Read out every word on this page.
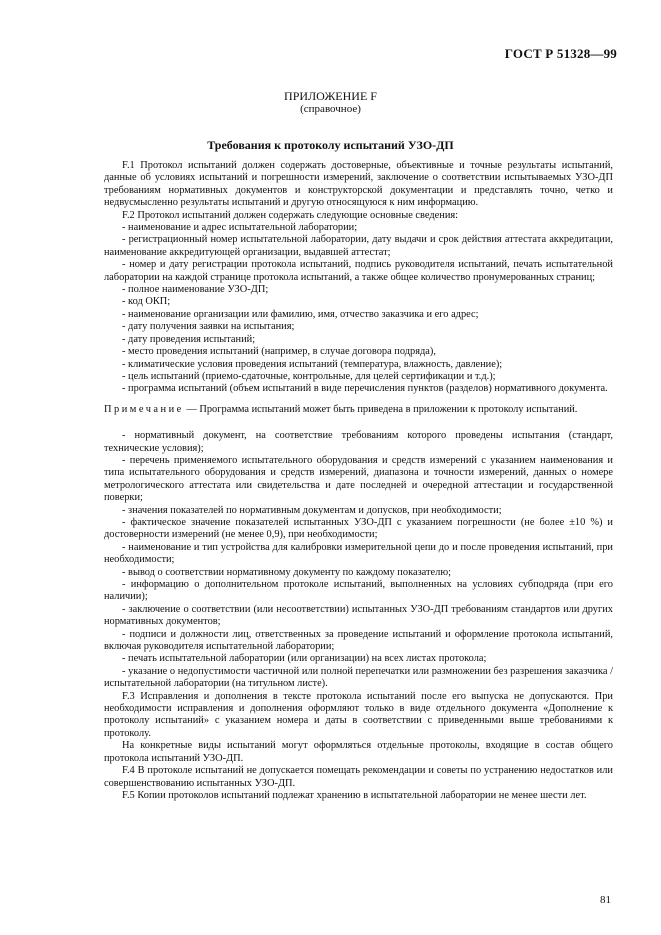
ГОСТ Р 51328—99
ПРИЛОЖЕНИЕ F
(справочное)
Требования к протоколу испытаний УЗО-ДП

F.1 Протокол испытаний должен содержать достоверные, объективные и точные результаты испытаний, данные об условиях испытаний и погрешности измерений, заключение о соответствии испытываемых УЗО-ДП требованиям нормативных документов и конструкторской документации и представлять точно, четко и недвусмысленно результаты испытаний и другую относящуюся к ним информацию.

F.2 Протокол испытаний должен содержать следующие основные сведения:

- наименование и адрес испытательной лаборатории;

- регистрационный номер испытательной лаборатории, дату выдачи и срок действия аттестата аккредитации, наименование аккредитующей организации, выдавшей аттестат;

- номер и дату регистрации протокола испытаний, подпись руководителя испытаний, печать испытательной лаборатории на каждой странице протокола испытаний, а также общее количество пронумерованных страниц;

- полное наименование УЗО-ДП;

- код ОКП;

- наименование организации или фамилию, имя, отчество заказчика и его адрес;

- дату получения заявки на испытания;

- дату проведения испытаний;

- место проведения испытаний (например, в случае договора подряда),

- климатические условия проведения испытаний (температура, влажность, давление);

- цель испытаний (приемо-сдаточные, контрольные, для целей сертификации и т.д.);

- программа испытаний (объем испытаний в виде перечисления пунктов (разделов) нормативного документа.

Примечание — Программа испытаний может быть приведена в приложении к протоколу испытаний.

- нормативный документ, на соответствие требованиям которого проведены испытания (стандарт, технические условия);

- перечень применяемого испытательного оборудования и средств измерений с указанием наименования и типа испытательного оборудования и средств измерений, диапазона и точности измерений, данных о номере метрологического аттестата или свидетельства и дате последней и очередной аттестации и государственной поверки;

- значения показателей по нормативным документам и допусков, при необходимости;

- фактическое значение показателей испытанных УЗО-ДП с указанием погрешности (не более ±10 %) и достоверности измерений (не менее 0,9), при необходимости;

- наименование и тип устройства для калибровки измерительной цепи до и после проведения испытаний, при необходимости;

- вывод о соответствии нормативному документу по каждому показателю;

- информацию о дополнительном протоколе испытаний, выполненных на условиях субподряда (при его наличии);

- заключение о соответствии (или несоответствии) испытанных УЗО-ДП требованиям стандартов или других нормативных документов;

- подписи и должности лиц, ответственных за проведение испытаний и оформление протокола испытаний, включая руководителя испытательной лаборатории;

- печать испытательной лаборатории (или организации) на всех листах протокола;

- указание о недопустимости частичной или полной перепечатки или размножении без разрешения заказчика / испытательной лаборатории (на титульном листе).

F.3 Исправления и дополнения в тексте протокола испытаний после его выпуска не допускаются. При необходимости исправления и дополнения оформляют только в виде отдельного документа «Дополнение к протоколу испытаний» с указанием номера и даты в соответствии с приведенными выше требованиями к протоколу.

На конкретные виды испытаний могут оформляться отдельные протоколы, входящие в состав общего протокола испытаний УЗО-ДП.

F.4 В протоколе испытаний не допускается помещать рекомендации и советы по устранению недостатков или совершенствованию испытанных УЗО-ДП.

F.5 Копии протоколов испытаний подлежат хранению в испытательной лаборатории не менее шести лет.

81
